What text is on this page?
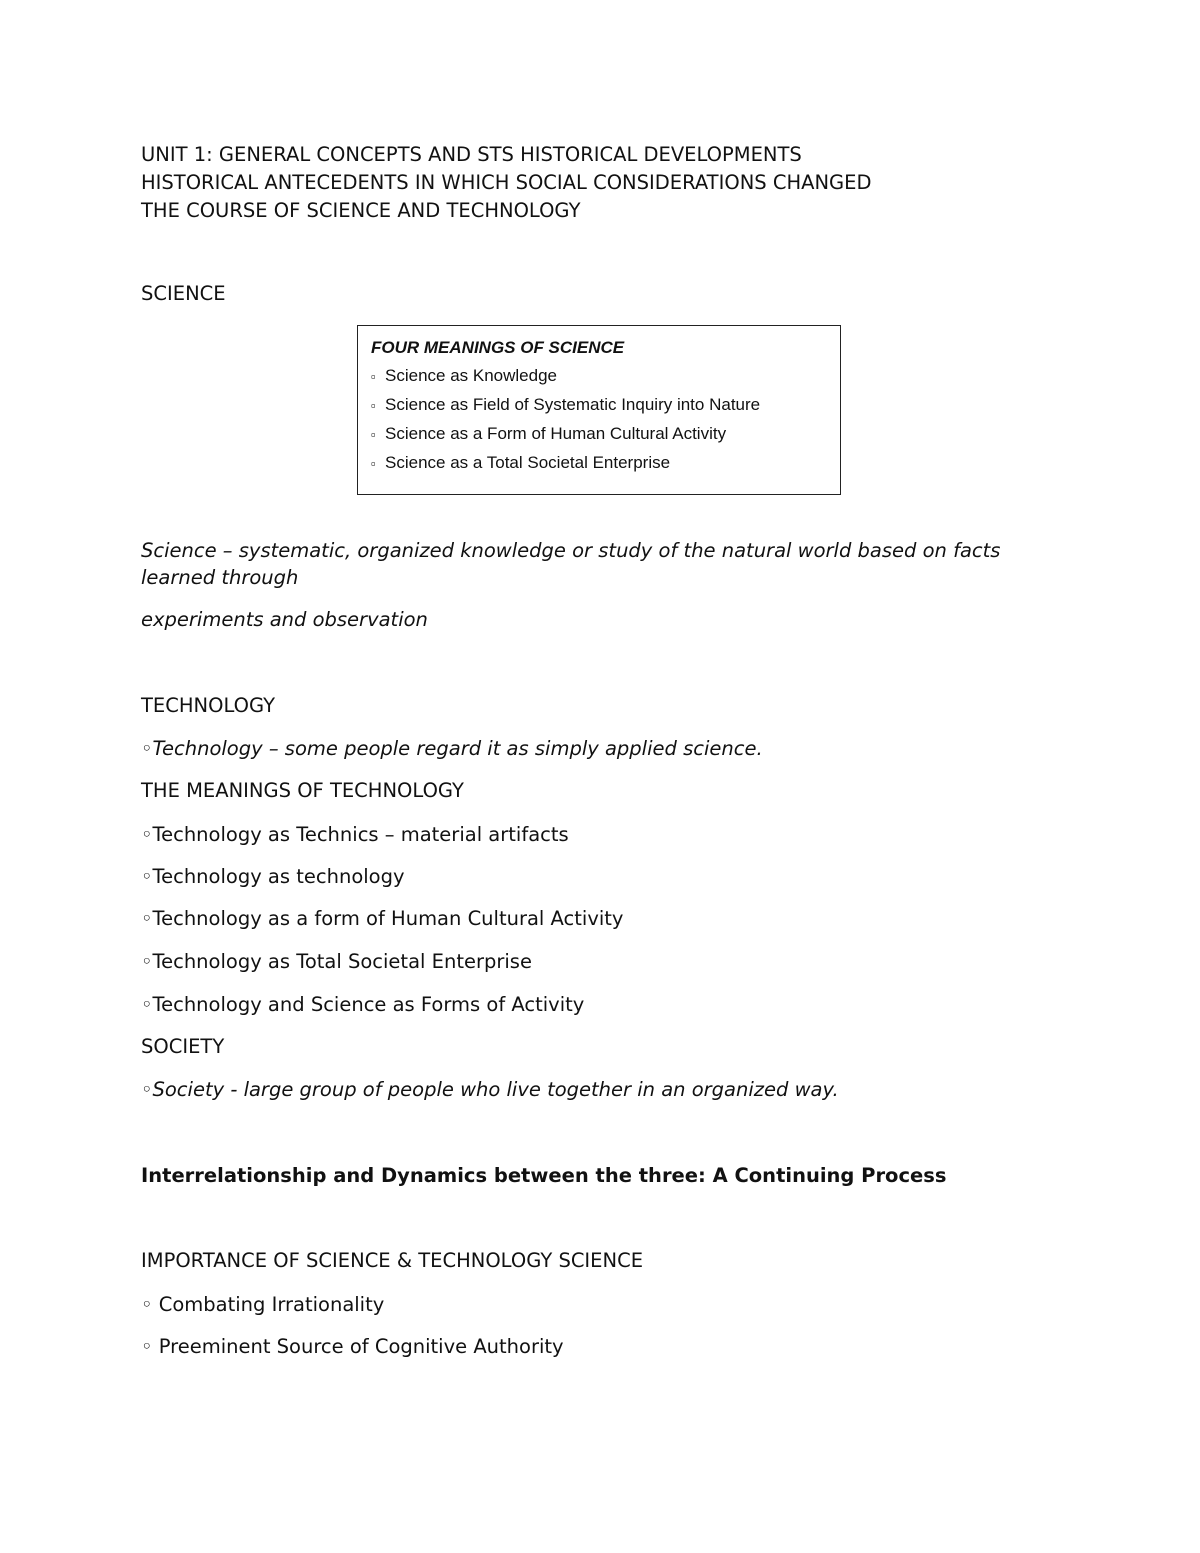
UNIT 1: GENERAL CONCEPTS AND STS HISTORICAL DEVELOPMENTS
HISTORICAL ANTECEDENTS IN WHICH SOCIAL CONSIDERATIONS CHANGED
THE COURSE OF SCIENCE AND TECHNOLOGY
SCIENCE
FOUR MEANINGS OF SCIENCE
▫ Science as Knowledge
▫ Science as Field of Systematic Inquiry into Nature
▫ Science as a Form of Human Cultural Activity
▫ Science as a Total Societal Enterprise
Science – systematic, organized knowledge or study of the natural world based on facts learned through
experiments and observation
TECHNOLOGY
◦Technology – some people regard it as simply applied science.
THE MEANINGS OF TECHNOLOGY
◦Technology as Technics – material artifacts
◦Technology as technology
◦Technology as a form of Human Cultural Activity
◦Technology as Total Societal Enterprise
◦Technology and Science as Forms of Activity
SOCIETY
◦Society - large group of people who live together in an organized way.
Interrelationship and Dynamics between the three: A Continuing Process
IMPORTANCE OF SCIENCE & TECHNOLOGY SCIENCE
◦ Combating Irrationality
◦ Preeminent Source of Cognitive Authority
